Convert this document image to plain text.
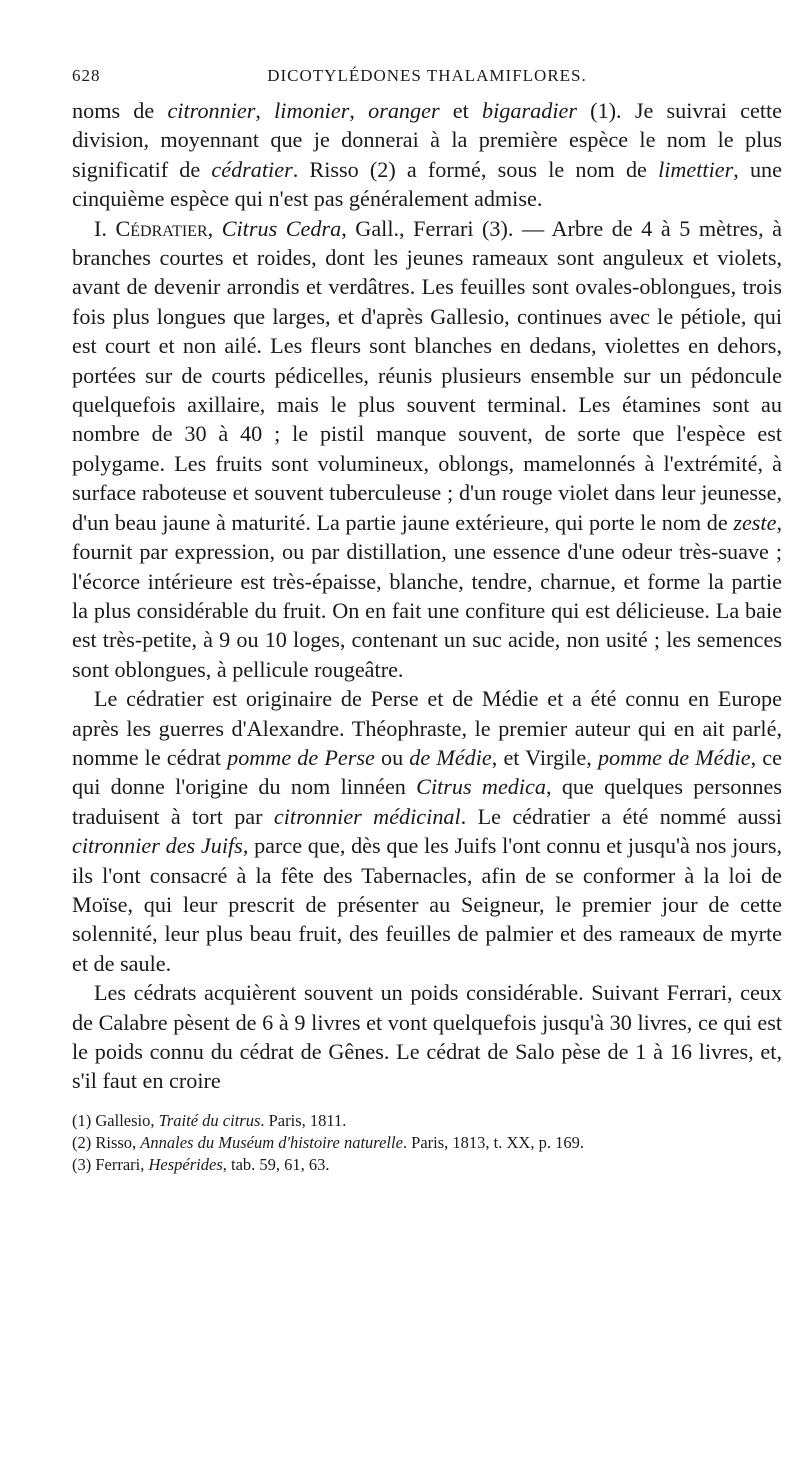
628	DICOTYLÉDONES THALAMIFLORES.

noms de citronnier, limonier, oranger et bigaradier (1). Je suivrai cette division, moyennant que je donnerai à la première espèce le nom le plus significatif de cédratier. Risso (2) a formé, sous le nom de limettier, une cinquième espèce qui n'est pas généralement admise.

I. Cédratier, Citrus Cedra, Gall., Ferrari (3). — Arbre de 4 à 5 mètres, à branches courtes et roides, dont les jeunes rameaux sont anguleux et violets, avant de devenir arrondis et verdâtres. Les feuilles sont ovales-oblongues, trois fois plus longues que larges, et d'après Gallesio, continues avec le pétiole, qui est court et non ailé. Les fleurs sont blanches en dedans, violettes en dehors, portées sur de courts pédicelles, réunis plusieurs ensemble sur un pédoncule quelquefois axillaire, mais le plus souvent terminal. Les étamines sont au nombre de 30 à 40 ; le pistil manque souvent, de sorte que l'espèce est polygame. Les fruits sont volumineux, oblongs, mamelonnés à l'extrémité, à surface raboteuse et souvent tuberculeuse ; d'un rouge violet dans leur jeunesse, d'un beau jaune à maturité. La partie jaune extérieure, qui porte le nom de zeste, fournit par expression, ou par distillation, une essence d'une odeur très-suave ; l'écorce intérieure est très-épaisse, blanche, tendre, charnue, et forme la partie la plus considérable du fruit. On en fait une confiture qui est délicieuse. La baie est très-petite, à 9 ou 10 loges, contenant un suc acide, non usité ; les semences sont oblongues, à pellicule rougeâtre.

Le cédratier est originaire de Perse et de Médie et a été connu en Europe après les guerres d'Alexandre. Théophraste, le premier auteur qui en ait parlé, nomme le cédrat pomme de Perse ou de Médie, et Virgile, pomme de Médie, ce qui donne l'origine du nom linnéen Citrus medica, que quelques personnes traduisent à tort par citronnier médicinal. Le cédratier a été nommé aussi citronnier des Juifs, parce que, dès que les Juifs l'ont connu et jusqu'à nos jours, ils l'ont consacré à la fête des Tabernacles, afin de se conformer à la loi de Moïse, qui leur prescrit de présenter au Seigneur, le premier jour de cette solennité, leur plus beau fruit, des feuilles de palmier et des rameaux de myrte et de saule.

Les cédrats acquièrent souvent un poids considérable. Suivant Ferrari, ceux de Calabre pèsent de 6 à 9 livres et vont quelquefois jusqu'à 30 livres, ce qui est le poids connu du cédrat de Gênes. Le cédrat de Salo pèse de 1 à 16 livres, et, s'il faut en croire

(1) Gallesio, Traité du citrus. Paris, 1811.
(2) Risso, Annales du Muséum d'histoire naturelle. Paris, 1813, t. XX, p. 169.
(3) Ferrari, Hespérides, tab. 59, 61, 63.
